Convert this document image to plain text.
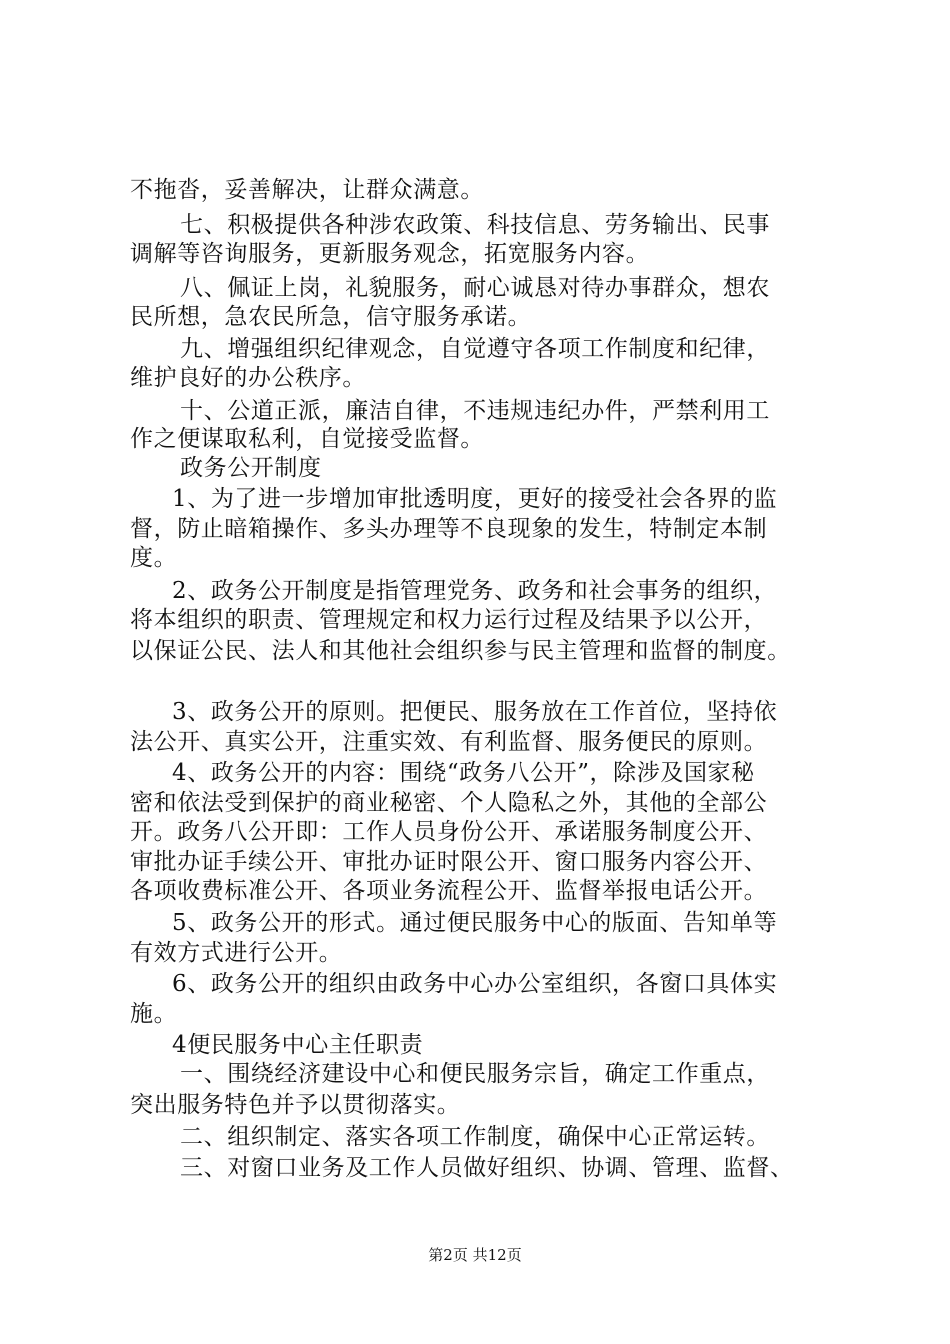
不拖沓，妥善解决，让群众满意。
七、积极提供各种涉农政策、科技信息、劳务输出、民事
调解等咨询服务，更新服务观念，拓宽服务内容。
八、佩证上岗，礼貌服务，耐心诚恳对待办事群众，想农
民所想，急农民所急，信守服务承诺。
九、增强组织纪律观念，自觉遵守各项工作制度和纪律，
维护良好的办公秩序。
十、公道正派，廉洁自律，不违规违纪办件，严禁利用工
作之便谋取私利，自觉接受监督。
政务公开制度
1、为了进一步增加审批透明度，更好的接受社会各界的监
督，防止暗箱操作、多头办理等不良现象的发生，特制定本制
度。
2、政务公开制度是指管理党务、政务和社会事务的组织，
将本组织的职责、管理规定和权力运行过程及结果予以公开，
以保证公民、法人和其他社会组织参与民主管理和监督的制度。
3、政务公开的原则。把便民、服务放在工作首位，坚持依
法公开、真实公开，注重实效、有利监督、服务便民的原则。
4、政务公开的内容：围绕“政务八公开”，除涉及国家秘
密和依法受到保护的商业秘密、个人隐私之外，其他的全部公
开。政务八公开即：工作人员身份公开、承诺服务制度公开、
审批办证手续公开、审批办证时限公开、窗口服务内容公开、
各项收费标准公开、各项业务流程公开、监督举报电话公开。
5、政务公开的形式。通过便民服务中心的版面、告知单等
有效方式进行公开。
6、政务公开的组织由政务中心办公室组织，各窗口具体实
施。
4便民服务中心主任职责
一、围绕经济建设中心和便民服务宗旨，确定工作重点，
突出服务特色并予以贯彻落实。
二、组织制定、落实各项工作制度，确保中心正常运转。
三、对窗口业务及工作人员做好组织、协调、管理、监督、
第2页 共12页
